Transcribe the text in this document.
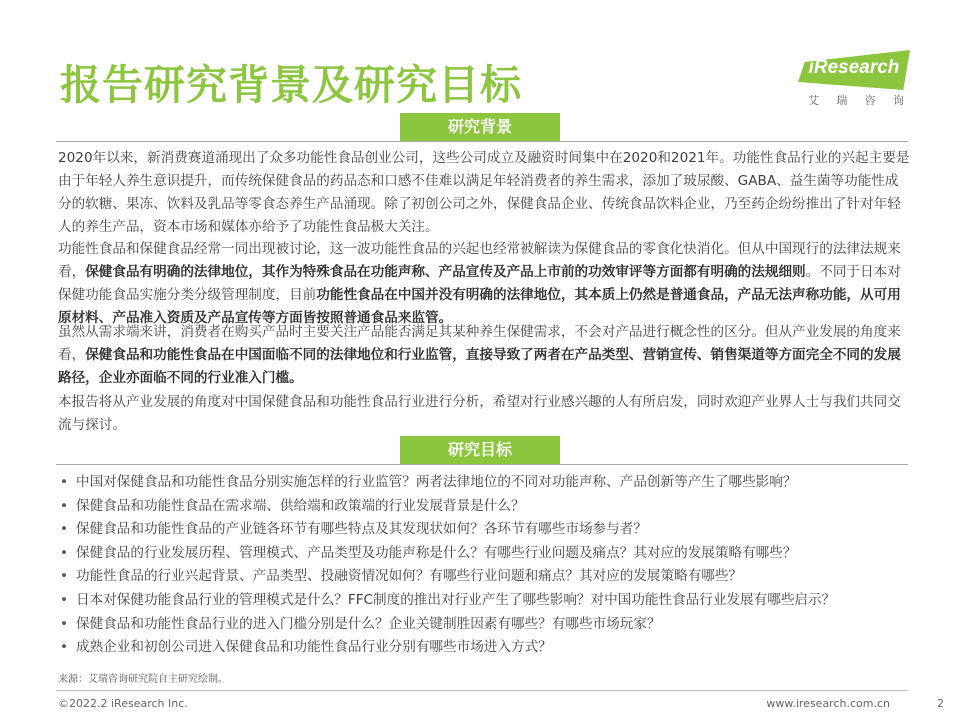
报告研究背景及研究目标	iResearch
艾 瑞 咨 询
研究背景

2020年以来，新消费赛道涌现出了众多功能性食品创业公司，这些公司成立及融资时间集中在2020和2021年。功能性食品行业的兴起主要是由于年轻人养生意识提升，而传统保健食品的药品态和口感不佳难以满足年轻消费者的养生需求，添加了玻尿酸、GABA、益生菌等功能性成分的软糖、果冻、饮料及乳品等零食态养生产品涌现。除了初创公司之外，保健食品企业、传统食品饮料企业，乃至药企纷纷推出了针对年轻人的养生产品，资本市场和媒体亦给予了功能性食品极大关注。

功能性食品和保健食品经常一同出现被讨论，这一波功能性食品的兴起也经常被解读为保健食品的零食化快消化。但从中国现行的法律法规来看，保健食品有明确的法律地位，其作为特殊食品在功能声称、产品宣传及产品上市前的功效审评等方面都有明确的法规细则。不同于日本对保健功能食品实施分类分级管理制度，目前功能性食品在中国并没有明确的法律地位，其本质上仍然是普通食品，产品无法声称功能，从可用原材料、产品准入资质及产品宣传等方面皆按照普通食品来监管。

虽然从需求端来讲，消费者在购买产品时主要关注产品能否满足其某种养生保健需求，不会对产品进行概念性的区分。但从产业发展的角度来看，保健食品和功能性食品在中国面临不同的法律地位和行业监管，直接导致了两者在产品类型、营销宣传、销售渠道等方面完全不同的发展路径，企业亦面临不同的行业准入门槛。

本报告将从产业发展的角度对中国保健食品和功能性食品行业进行分析，希望对行业感兴趣的人有所启发，同时欢迎产业界人士与我们共同交流与探讨。

研究目标
• 中国对保健食品和功能性食品分别实施怎样的行业监管？两者法律地位的不同对功能声称、产品创新等产生了哪些影响？
• 保健食品和功能性食品在需求端、供给端和政策端的行业发展背景是什么？
• 保健食品和功能性食品的产业链各环节有哪些特点及其发现状如何？各环节有哪些市场参与者？
• 保健食品的行业发展历程、管理模式、产品类型及功能声称是什么？有哪些行业问题及痛点？其对应的发展策略有哪些？
• 功能性食品的行业兴起背景、产品类型、投融资情况如何？有哪些行业问题和痛点？其对应的发展策略有哪些？
• 日本对保健功能食品行业的管理模式是什么？FFC制度的推出对行业产生了哪些影响？对中国功能性食品行业发展有哪些启示？
• 保健食品和功能性食品行业的进入门槛分别是什么？企业关键制胜因素有哪些？有哪些市场玩家？
• 成熟企业和初创公司进入保健食品和功能性食品行业分别有哪些市场进入方式？
来源：艾瑞咨询研究院自主研究绘制。
©2022.2 iResearch Inc.	www.iresearch.com.cn	2
